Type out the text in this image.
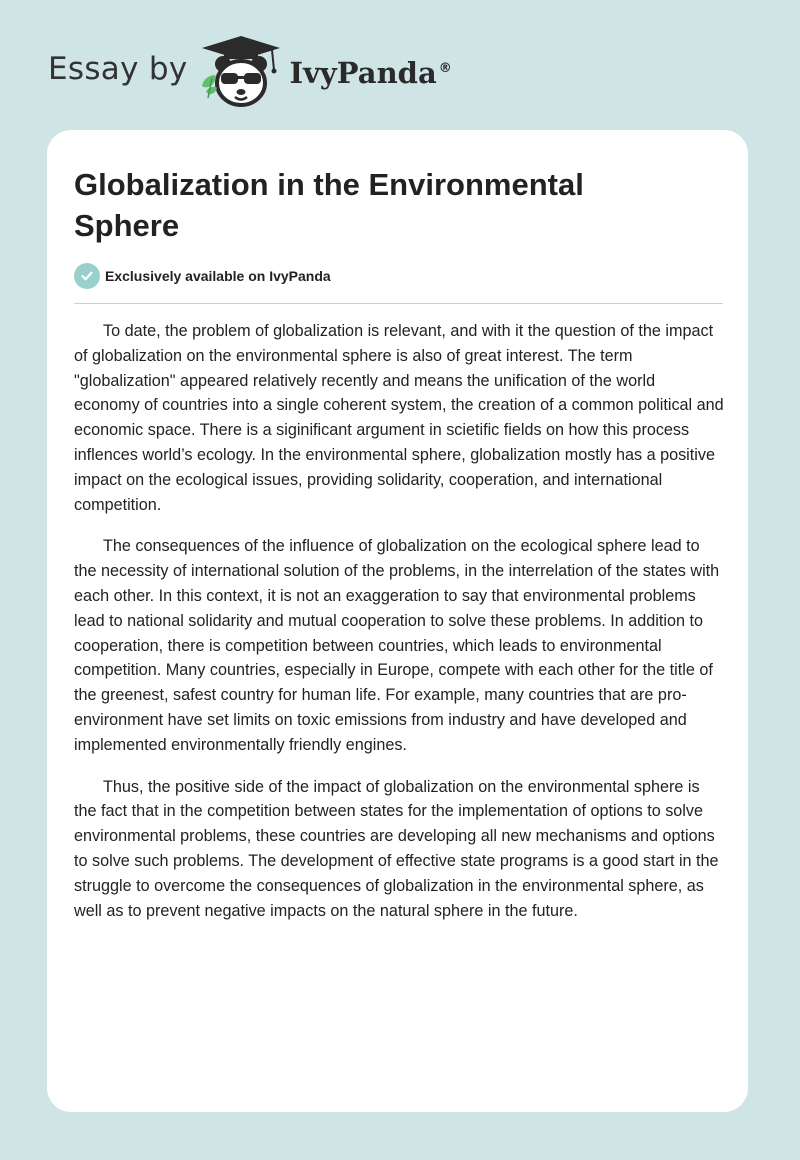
Essay by	IvyPanda ®
Globalization in the Environmental Sphere
Exclusively available on IvyPanda

To date, the problem of globalization is relevant, and with it the question of the impact of globalization on the environmental sphere is also of great interest. The term "globalization" appeared relatively recently and means the unification of the world economy of countries into a single coherent system, the creation of a common political and economic space. There is a siginificant argument in scietific fields on how this process inflences world’s ecology. In the environmental sphere, globalization mostly has a positive impact on the ecological issues, providing solidarity, cooperation, and international competition.

The consequences of the influence of globalization on the ecological sphere lead to the necessity of international solution of the problems, in the interrelation of the states with each other. In this context, it is not an exaggeration to say that environmental problems lead to national solidarity and mutual cooperation to solve these problems. In addition to cooperation, there is competition between countries, which leads to environmental competition. Many countries, especially in Europe, compete with each other for the title of the greenest, safest country for human life. For example, many countries that are pro-environment have set limits on toxic emissions from industry and have developed and implemented environmentally friendly engines.

Thus, the positive side of the impact of globalization on the environmental sphere is the fact that in the competition between states for the implementation of options to solve environmental problems, these countries are developing all new mechanisms and options to solve such problems. The development of effective state programs is a good start in the struggle to overcome the consequences of globalization in the environmental sphere, as well as to prevent negative impacts on the natural sphere in the future.
